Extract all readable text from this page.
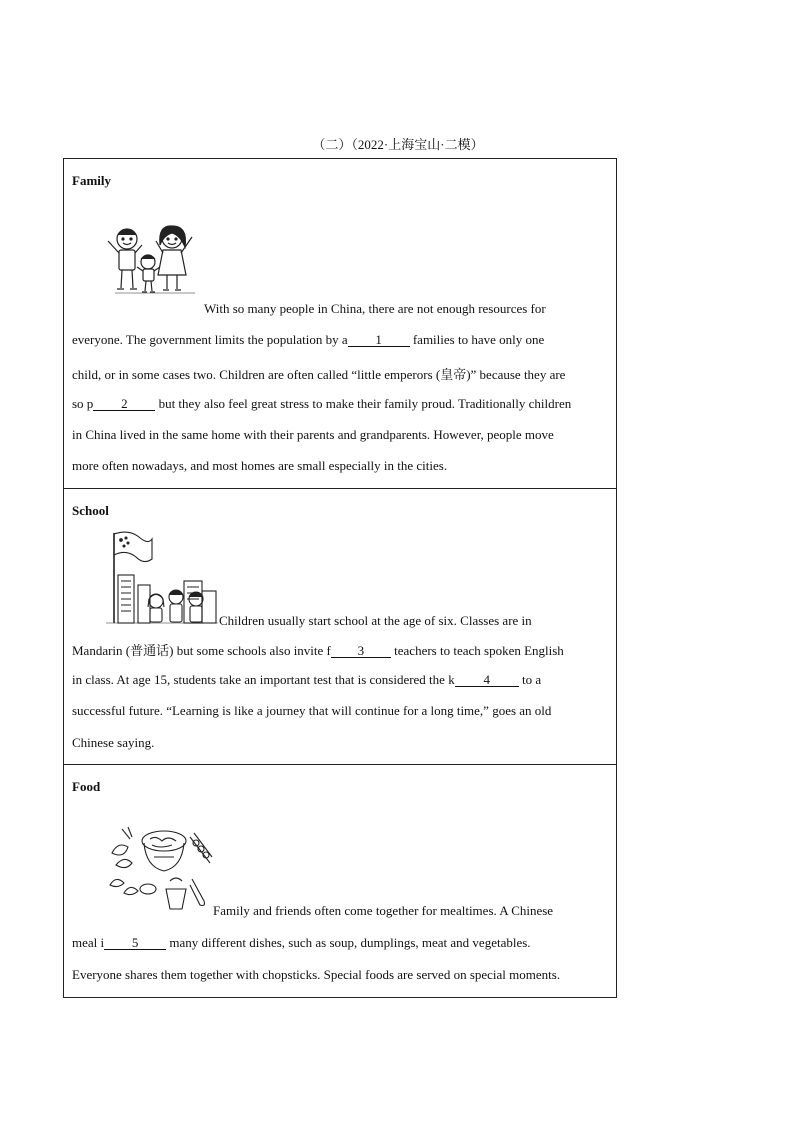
（二）（2022·上海宝山·二模）
Family
With so many people in China, there are not enough resources for
everyone. The government limits the population by a 1 families to have only one
child, or in some cases two. Children are often called “little emperors (皇帝)” because they are
so p 2 but they also feel great stress to make their family proud. Traditionally children
in China lived in the same home with their parents and grandparents. However, people move
more often nowadays, and most homes are small especially in the cities.
School
Children usually start school at the age of six. Classes are in
Mandarin (普通话) but some schools also invite f 3 teachers to teach spoken English
in class. At age 15, students take an important test that is considered the k 4 to a
successful future. “Learning is like a journey that will continue for a long time,” goes an old
Chinese saying.
Food
Family and friends often come together for mealtimes. A Chinese
meal i 5 many different dishes, such as soup, dumplings, meat and vegetables.
Everyone shares them together with chopsticks. Special foods are served on special moments.
